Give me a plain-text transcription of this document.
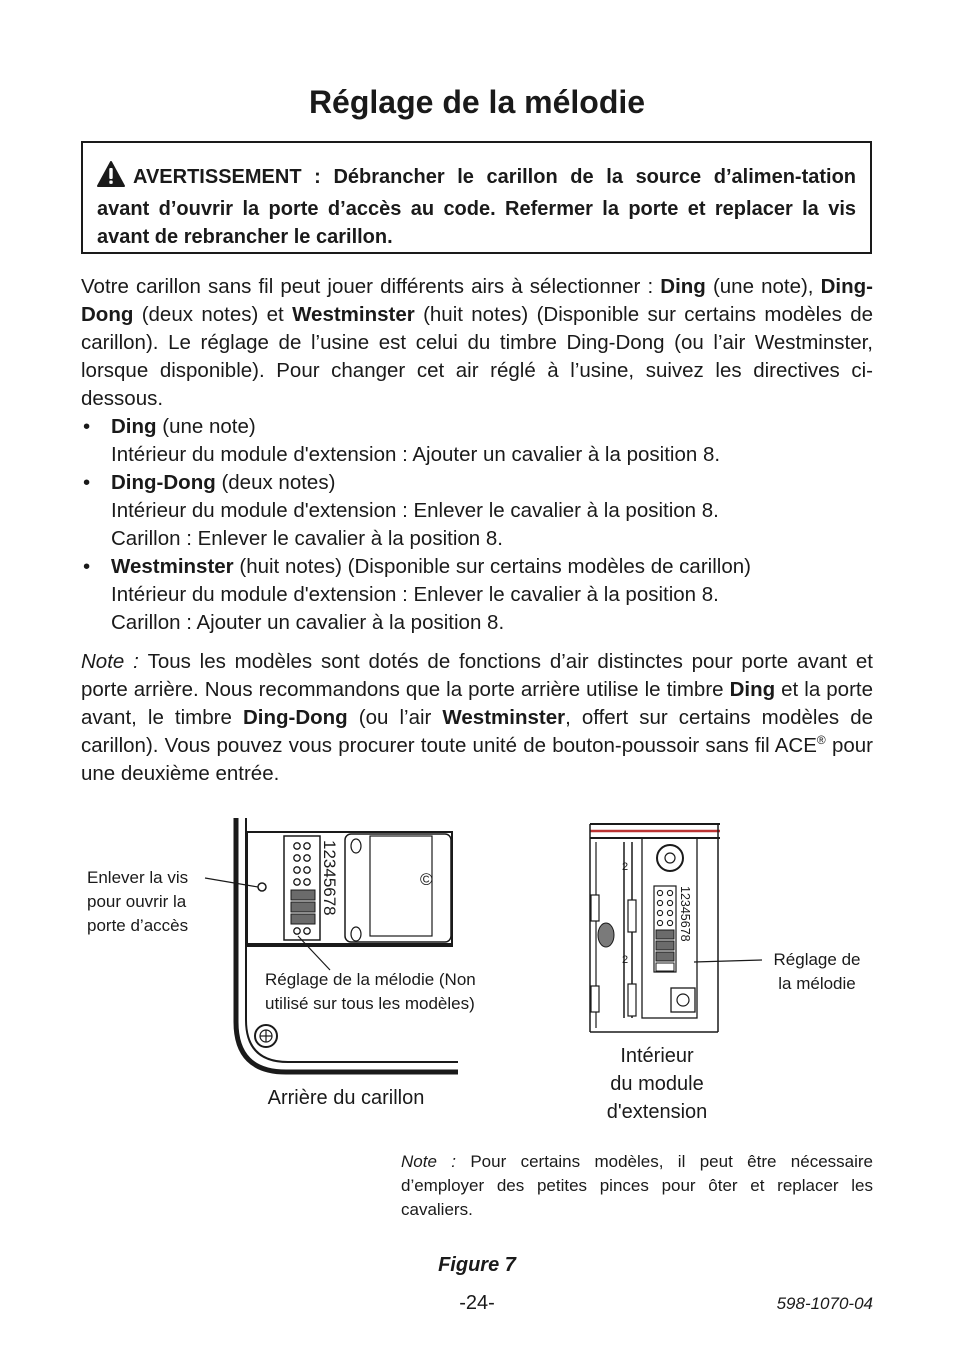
Réglage de la mélodie
AVERTISSEMENT : Débrancher le carillon de la source d’alimen-tation avant d’ouvrir la porte d’accès au code. Refermer la porte et replacer la vis avant de rebrancher le carillon.

Votre carillon sans fil peut jouer différents airs à sélectionner : Ding (une note), Ding-Dong (deux notes) et Westminster (huit notes) (Disponible sur certains modèles de carillon). Le réglage de l’usine est celui du timbre Ding-Dong (ou l’air Westminster, lorsque disponible). Pour changer cet air réglé à l’usine, suivez les directives ci-dessous.

• Ding (une note)
Intérieur du module d'extension : Ajouter un cavalier à la position 8.
• Ding-Dong (deux notes)
Intérieur du module d'extension : Enlever le cavalier à la position 8.
Carillon : Enlever le cavalier à la position 8.
• Westminster (huit notes) (Disponible sur certains modèles de carillon)
Intérieur du module d'extension : Enlever le cavalier à la position 8.
Carillon : Ajouter un cavalier à la position 8.

Note : Tous les modèles sont dotés de fonctions d’air distinctes pour porte avant et porte arrière. Nous recommandons que la porte arrière utilise le timbre Ding et la porte avant, le timbre Ding-Dong (ou l’air Westminster, offert sur certains modèles de carillon). Vous pouvez vous procurer toute unité de bouton-poussoir sans fil ACE® pour une deuxième entrée.

12345678	©
12345678
2
2
Enlever la vis
pour ouvrir la
porte d’accès
Réglage de la mélodie (Non
utilisé sur tous les modèles)
Réglage de
la mélodie
Arrière du carillon
Intérieur
du module
d'extension
Note : Pour certains modèles, il peut être nécessaire d’employer des petites pinces pour ôter et replacer les cavaliers.
Figure 7
-24-	598-1070-04
